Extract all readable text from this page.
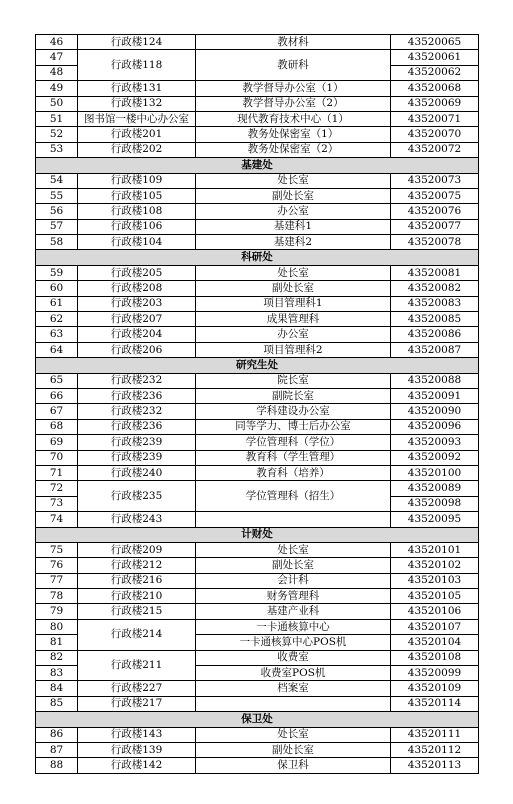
46	行政楼124	教材科	43520065
47	行政楼118	教研科	43520061
48			43520062
49	行政楼131	教学督导办公室（1）	43520068
50	行政楼132	教学督导办公室（2）	43520069
51	图书馆一楼中心办公室	现代教育技术中心（1）	43520071
52	行政楼201	教务处保密室（1）	43520070
53	行政楼202	教务处保密室（2）	43520072
基建处			
54	行政楼109	处长室	43520073
55	行政楼105	副处长室	43520075
56	行政楼108	办公室	43520076
57	行政楼106	基建科1	43520077
58	行政楼104	基建科2	43520078
科研处			
59	行政楼205	处长室	43520081
60	行政楼208	副处长室	43520082
61	行政楼203	项目管理科1	43520083
62	行政楼207	成果管理科	43520085
63	行政楼204	办公室	43520086
64	行政楼206	项目管理科2	43520087
研究生处			
65	行政楼232	院长室	43520088
66	行政楼236	副院长室	43520091
67	行政楼232	学科建设办公室	43520090
68	行政楼236	同等学力、博士后办公室	43520096
69	行政楼239	学位管理科（学位）	43520093
70	行政楼239	教育科（学生管理）	43520092
71	行政楼240	教育科（培养）	43520100
72	行政楼235	学位管理科（招生）	43520089
73			43520098
74	行政楼243		43520095
计财处			
75	行政楼209	处长室	43520101
76	行政楼212	副处长室	43520102
77	行政楼216	会计科	43520103
78	行政楼210	财务管理科	43520105
79	行政楼215	基建产业科	43520106
80	行政楼214	一卡通核算中心	43520107
81		一卡通核算中心POS机	43520104
82	行政楼211	收费室	43520108
83		收费室POS机	43520099
84	行政楼227	档案室	43520109
85	行政楼217		43520114
保卫处			
86	行政楼143	处长室	43520111
87	行政楼139	副处长室	43520112
88	行政楼142	保卫科	43520113
